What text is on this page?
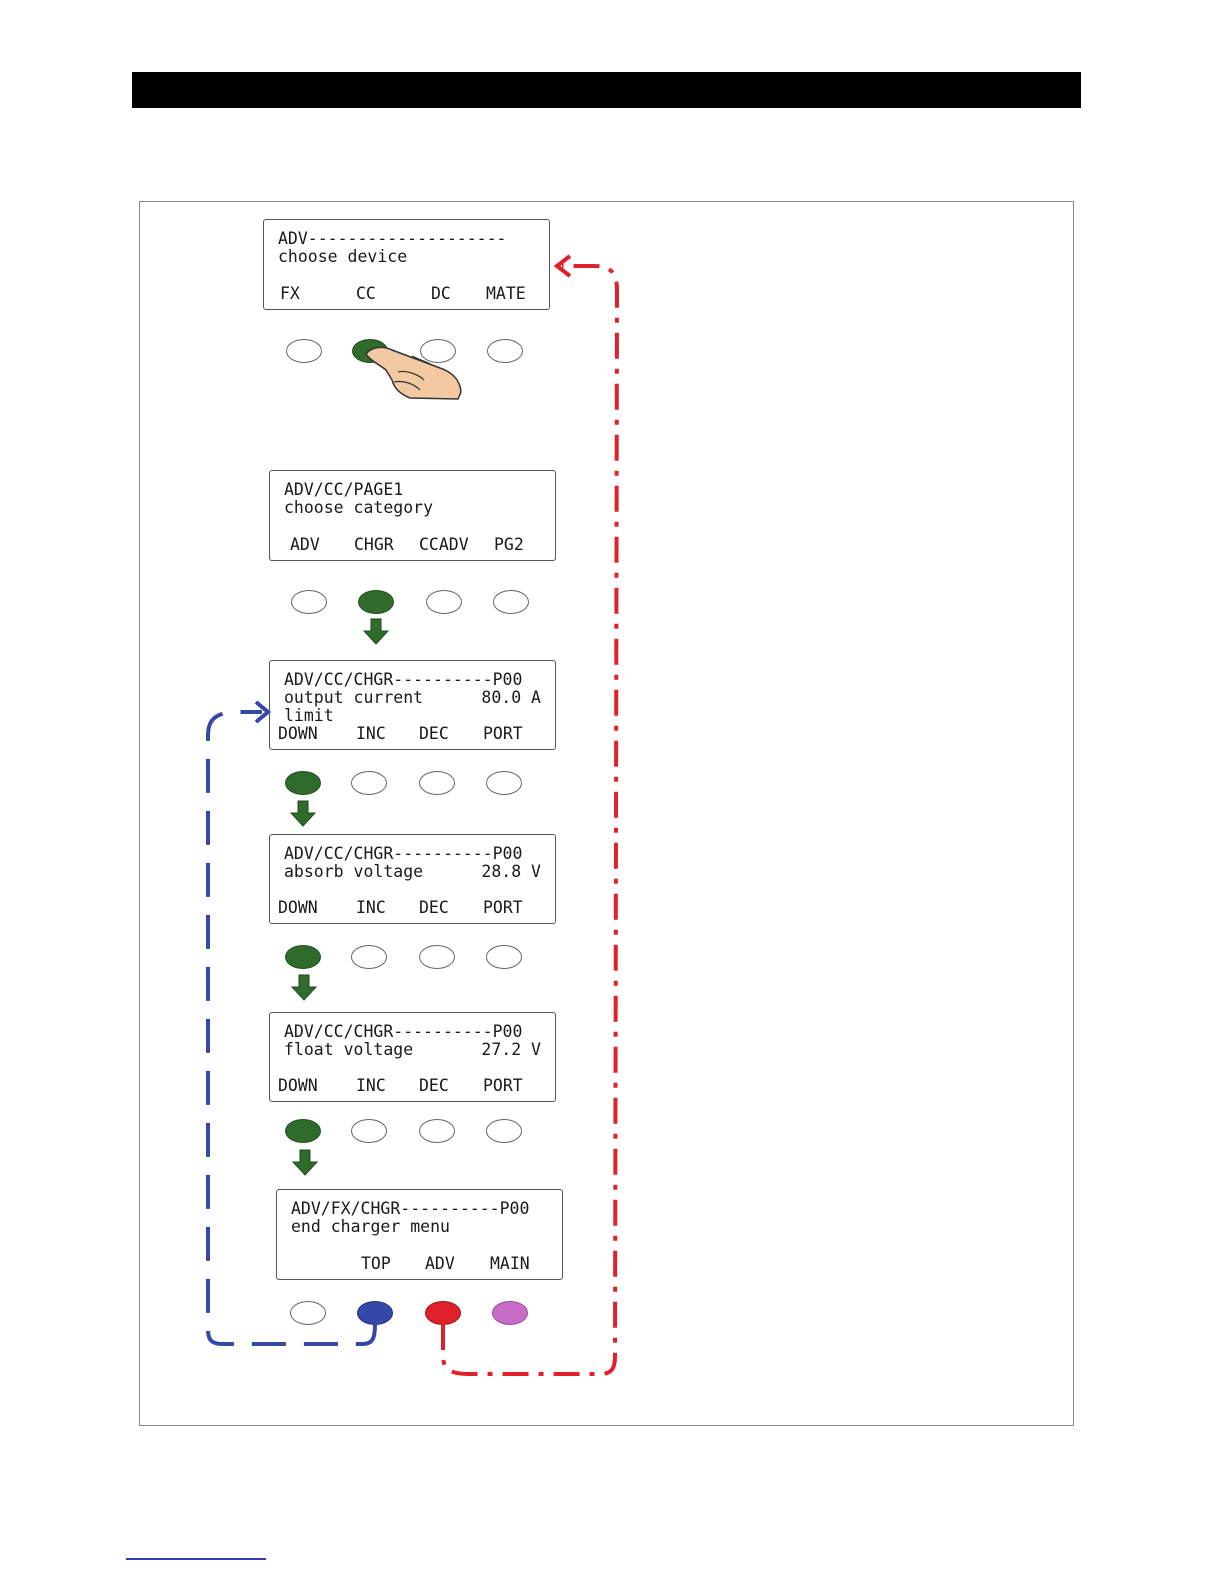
ADV--------------------
choose device
FX	CC	DC MATE
ADV/CC/PAGE1
choose category
ADV CHGR CCADV PG2
ADV/CC/CHGR----------P00
output current
limit
80.0 A
DOWN INC DEC PORT
ADV/CC/CHGR----------P00
absorb voltage	28.8 V
DOWN INC DEC PORT
ADV/CC/CHGR----------P00
float voltage	27.2 V
DOWN INC DEC PORT
ADV/FX/CHGR----------P00
end charger menu
TOP ADV MAIN
